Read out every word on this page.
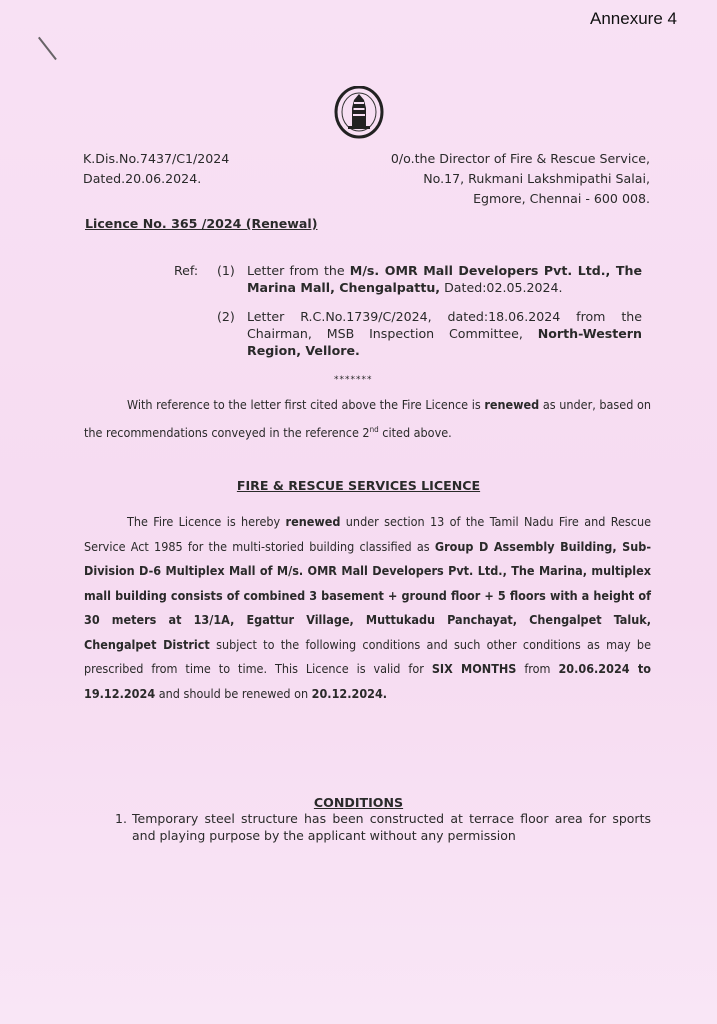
Annexure 4
K.Dis.No.7437/C1/2024
Dated.20.06.2024.
0/o.the Director of Fire & Rescue Service,
No.17, Rukmani Lakshmipathi Salai,
Egmore, Chennai - 600 008.
Licence No. 365 /2024 (Renewal)
Ref:	(1) Letter from the M/s. OMR Mall Developers Pvt. Ltd., The Marina Mall, Chengalpattu, Dated:02.05.2024.
(2) Letter R.C.No.1739/C/2024, dated:18.06.2024 from the Chairman, MSB Inspection Committee, North-Western Region, Vellore.
*******
With reference to the letter first cited above the Fire Licence is renewed as under, based on the recommendations conveyed in the reference 2nd cited above.
FIRE & RESCUE SERVICES LICENCE
The Fire Licence is hereby renewed under section 13 of the Tamil Nadu Fire and Rescue Service Act 1985 for the multi-storied building classified as Group D Assembly Building, Sub-Division D-6 Multiplex Mall of M/s. OMR Mall Developers Pvt. Ltd., The Marina, multiplex mall building consists of combined 3 basement + ground floor + 5 floors with a height of 30 meters at 13/1A, Egattur Village, Muttukadu Panchayat, Chengalpet Taluk, Chengalpet District subject to the following conditions and such other conditions as may be prescribed from time to time. This Licence is valid for SIX MONTHS from 20.06.2024 to 19.12.2024 and should be renewed on 20.12.2024.
CONDITIONS
1. Temporary steel structure has been constructed at terrace floor area for sports and playing purpose by the applicant without any permission
